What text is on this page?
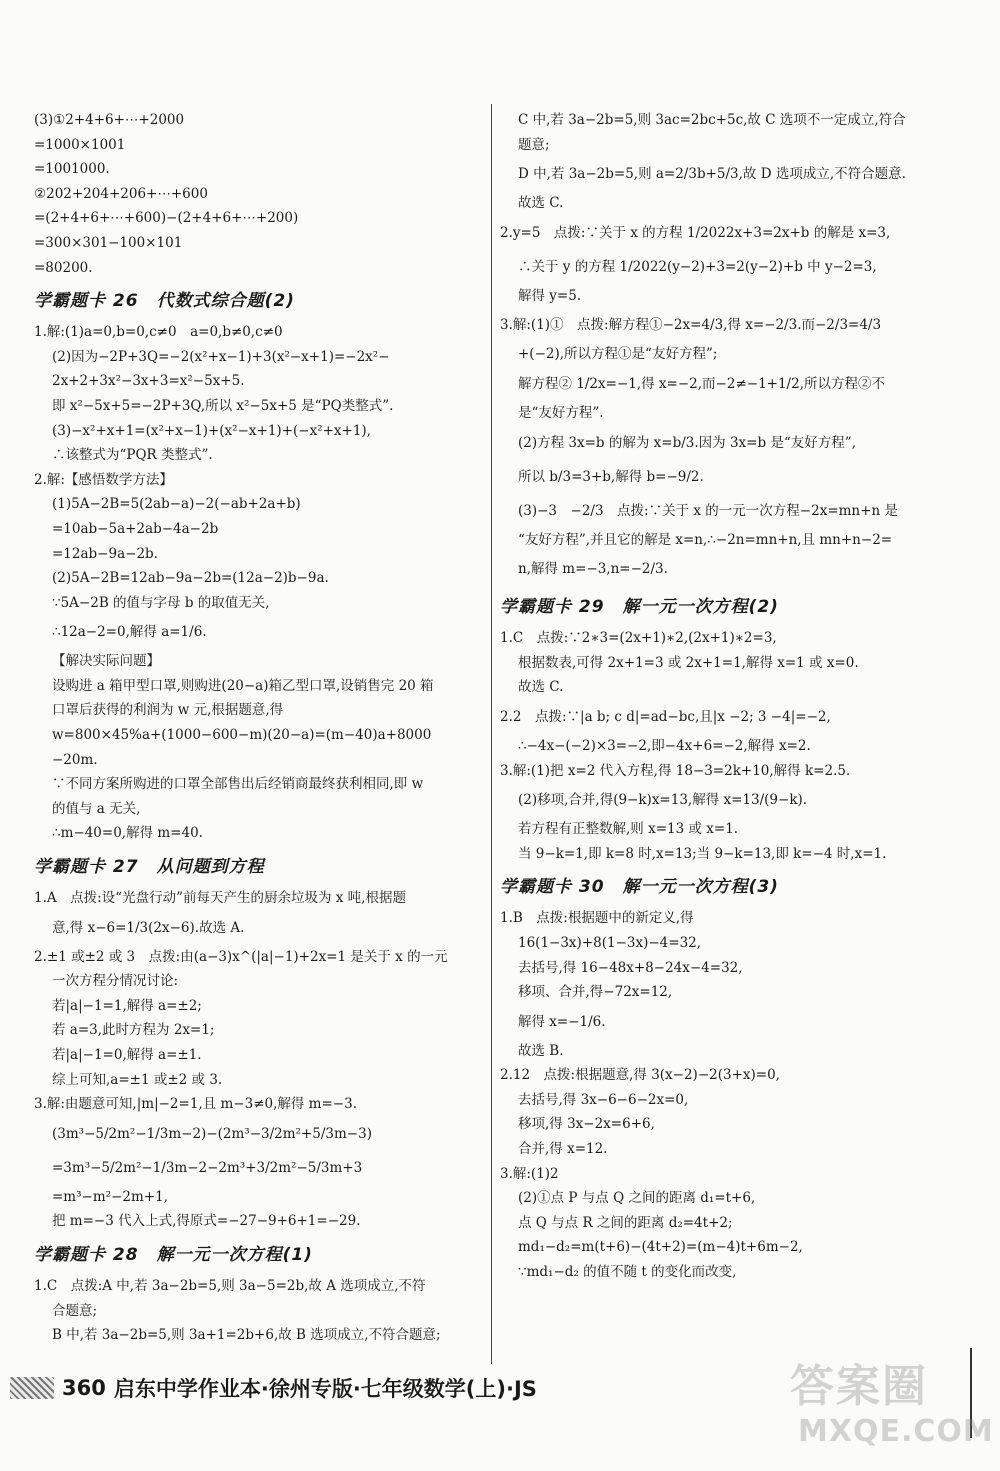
(3)①2+4+6+⋯+2000

=1000×1001

=1001000.

②202+204+206+⋯+600

=(2+4+6+⋯+600)−(2+4+6+⋯+200)

=300×301−100×101

=80200.

学霸题卡 26　代数式综合题(2)

1.解:(1)a=0,b=0,c≠0　a=0,b≠0,c≠0

(2)因为−2P+3Q=−2(x²+x−1)+3(x²−x+1)=−2x²−

2x+2+3x²−3x+3=x²−5x+5.

即 x²−5x+5=−2P+3Q,所以 x²−5x+5 是“PQ类整式”.

(3)−x²+x+1=(x²+x−1)+(x²−x+1)+(−x²+x+1),

∴该整式为“PQR 类整式”.

2.解:【感悟数学方法】

(1)5A−2B=5(2ab−a)−2(−ab+2a+b)

=10ab−5a+2ab−4a−2b

=12ab−9a−2b.

(2)5A−2B=12ab−9a−2b=(12a−2)b−9a.

∵5A−2B 的值与字母 b 的取值无关,

∴12a−2=0,解得 a=1/6.

【解决实际问题】

设购进 a 箱甲型口罩,则购进(20−a)箱乙型口罩,设销售完 20 箱

口罩后获得的利润为 w 元,根据题意,得

w=800×45%a+(1000−600−m)(20−a)=(m−40)a+8000

−20m.

∵不同方案所购进的口罩全部售出后经销商最终获利相同,即 w

的值与 a 无关,

∴m−40=0,解得 m=40.

学霸题卡 27　从问题到方程

1.A　点拨:设“光盘行动”前每天产生的厨余垃圾为 x 吨,根据题

意,得 x−6=1/3(2x−6).故选 A.

2.±1 或±2 或 3　点拨:由(a−3)x^(|a|−1)+2x=1 是关于 x 的一元

一次方程分情况讨论:

若|a|−1=1,解得 a=±2;

若 a=3,此时方程为 2x=1;

若|a|−1=0,解得 a=±1.

综上可知,a=±1 或±2 或 3.

3.解:由题意可知,|m|−2=1,且 m−3≠0,解得 m=−3.

(3m³−5/2m²−1/3m−2)−(2m³−3/2m²+5/3m−3)

=3m³−5/2m²−1/3m−2−2m³+3/2m²−5/3m+3

=m³−m²−2m+1,

把 m=−3 代入上式,得原式=−27−9+6+1=−29.

学霸题卡 28　解一元一次方程(1)

1.C　点拨:A 中,若 3a−2b=5,则 3a−5=2b,故 A 选项成立,不符

合题意;

B 中,若 3a−2b=5,则 3a+1=2b+6,故 B 选项成立,不符合题意;

C 中,若 3a−2b=5,则 3ac=2bc+5c,故 C 选项不一定成立,符合

题意;

D 中,若 3a−2b=5,则 a=2/3b+5/3,故 D 选项成立,不符合题意.

故选 C.

2.y=5　点拨:∵关于 x 的方程 1/2022x+3=2x+b 的解是 x=3,

∴关于 y 的方程 1/2022(y−2)+3=2(y−2)+b 中 y−2=3,

解得 y=5.

3.解:(1)①　点拨:解方程①−2x=4/3,得 x=−2/3.而−2/3=4/3

+(−2),所以方程①是“友好方程”;

解方程② 1/2x=−1,得 x=−2,而−2≠−1+1/2,所以方程②不

是“友好方程”.

(2)方程 3x=b 的解为 x=b/3.因为 3x=b 是“友好方程”,

所以 b/3=3+b,解得 b=−9/2.

(3)−3　−2/3　点拨:∵关于 x 的一元一次方程−2x=mn+n 是

“友好方程”,并且它的解是 x=n,∴−2n=mn+n,且 mn+n−2=

n,解得 m=−3,n=−2/3.

学霸题卡 29　解一元一次方程(2)

1.C　点拨:∵2∗3=(2x+1)∗2,(2x+1)∗2=3,

根据数表,可得 2x+1=3 或 2x+1=1,解得 x=1 或 x=0.

故选 C.

2.2　点拨:∵|a b; c d|=ad−bc,且|x −2; 3 −4|=−2,

∴−4x−(−2)×3=−2,即−4x+6=−2,解得 x=2.

3.解:(1)把 x=2 代入方程,得 18−3=2k+10,解得 k=2.5.

(2)移项,合并,得(9−k)x=13,解得 x=13/(9−k).

若方程有正整数解,则 x=13 或 x=1.

当 9−k=1,即 k=8 时,x=13;当 9−k=13,即 k=−4 时,x=1.

学霸题卡 30　解一元一次方程(3)

1.B　点拨:根据题中的新定义,得

16(1−3x)+8(1−3x)−4=32,

去括号,得 16−48x+8−24x−4=32,

移项、合并,得−72x=12,

解得 x=−1/6.

故选 B.

2.12　点拨:根据题意,得 3(x−2)−2(3+x)=0,

去括号,得 3x−6−6−2x=0,

移项,得 3x−2x=6+6,

合并,得 x=12.

3.解:(1)2

(2)①点 P 与点 Q 之间的距离 d₁=t+6,

点 Q 与点 R 之间的距离 d₂=4t+2;

md₁−d₂=m(t+6)−(4t+2)=(m−4)t+6m−2,

∵md₁−d₂ 的值不随 t 的变化而改变,

360 启东中学作业本·徐州专版·七年级数学(上)·JS	答案圈
MXQE.COM
